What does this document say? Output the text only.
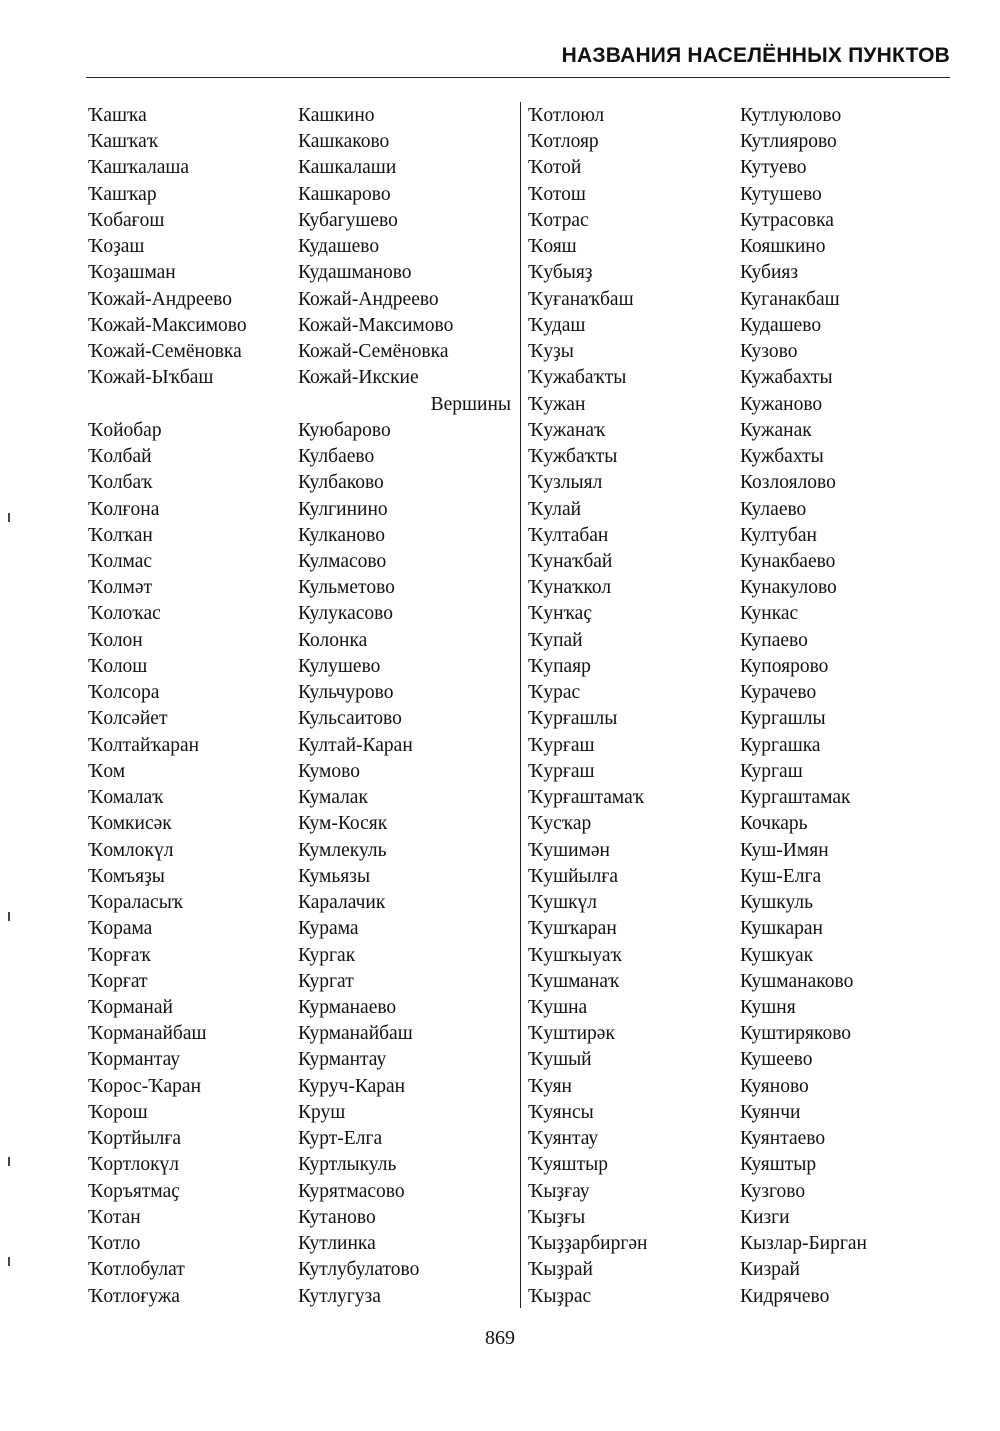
НАЗВАНИЯ НАСЕЛЁННЫХ ПУНКТОВ
Ҡашҡа
Ҡашҡаҡ
Ҡашҡалаша
Ҡашҡар
Ҡобағош
Ҡоҙаш
Ҡоҙашман
Ҡожай-Андреево
Ҡожай-Максимово
Ҡожай-Семёновка
Ҡожай-Ыҡбаш
Ҡойобар
Ҡолбай
Ҡолбаҡ
Ҡолғона
Ҡолҡан
Ҡолмас
Ҡолмәт
Ҡолоҡас
Ҡолон
Ҡолош
Ҡолсора
Ҡолсәйет
Ҡолтайҡаран
Ҡом
Ҡомалаҡ
Ҡомкисәк
Ҡомлокүл
Ҡомъяҙы
Ҡораласыҡ
Ҡорама
Ҡорғаҡ
Ҡорғат
Ҡорманай
Ҡорманайбаш
Ҡормантау
Ҡорос-Ҡаран
Ҡорош
Ҡортйылға
Ҡортлокүл
Ҡоръятмаҫ
Ҡотан
Ҡотло
Ҡотлобулат
Ҡотлоғужа
Кашкино
Кашкаково
Кашкалаши
Кашкарово
Кубагушево
Кудашево
Кудашманово
Кожай-Андреево
Кожай-Максимово
Кожай-Семёновка
Кожай-Икские
Вершины
Куюбарово
Кулбаево
Кулбаково
Кулгинино
Кулканово
Кулмасово
Кульметово
Кулукасово
Колонка
Кулушево
Кульчурово
Кульсаитово
Култай-Каран
Кумово
Кумалак
Кум-Косяк
Кумлекуль
Кумьязы
Каралачик
Курама
Кургак
Кургат
Курманаево
Курманайбаш
Курмантау
Куруч-Каран
Круш
Курт-Елга
Куртлыкуль
Курятмасово
Кутаново
Кутлинка
Кутлубулатово
Кутлугуза
Ҡотлоюл
Ҡотлояр
Ҡотой
Ҡотош
Ҡотрас
Ҡояш
Ҡубыяҙ
Ҡуғанаҡбаш
Ҡудаш
Ҡуҙы
Ҡужабаҡты
Ҡужан
Ҡужанаҡ
Ҡужбаҡты
Ҡузлыял
Ҡулай
Ҡултабан
Ҡунаҡбай
Ҡунаҡкол
Ҡунҡаҫ
Ҡупай
Ҡупаяр
Ҡурас
Ҡурғашлы
Ҡурғаш
Ҡурғаш
Ҡурғаштамаҡ
Ҡусҡар
Ҡушимән
Ҡушйылға
Ҡушкүл
Ҡушҡаран
Ҡушҡыуаҡ
Ҡушманаҡ
Ҡушна
Ҡуштирәк
Ҡушый
Ҡуян
Ҡуянсы
Ҡуянтау
Ҡуяштыр
Ҡыҙғау
Ҡыҙғы
Ҡыҙҙарбиргән
Ҡыҙрай
Ҡыҙрас
Кутлуюлово
Кутлиярово
Кутуево
Кутушево
Кутрасовка
Кояшкино
Кубияз
Куганакбаш
Кудашево
Кузово
Кужабахты
Кужаново
Кужанак
Кужбахты
Козлоялово
Кулаево
Култубан
Кунакбаево
Кунакулово
Кункас
Купаево
Купоярово
Курачево
Кургашлы
Кургашка
Кургаш
Кургаштамак
Кочкарь
Куш-Имян
Куш-Елга
Кушкуль
Кушкаран
Кушкуак
Кушманаково
Кушня
Куштиряково
Кушеево
Куяново
Куянчи
Куянтаево
Куяштыр
Кузгово
Кизги
Кызлар-Бирган
Кизрай
Кидрячево
869
